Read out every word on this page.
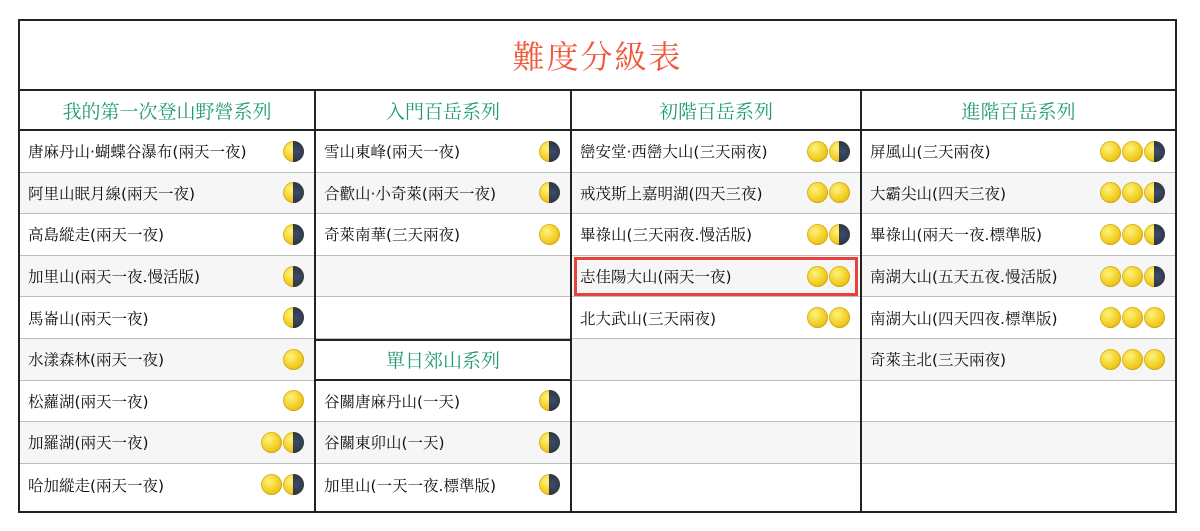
難度分級表
我的第一次登山野營系列
唐麻丹山·蝴蝶谷瀑布(兩天一夜)
阿里山眠月線(兩天一夜)
高島縱走(兩天一夜)
加里山(兩天一夜.慢活版)
馬崙山(兩天一夜)
水漾森林(兩天一夜)
松蘿湖(兩天一夜)
加羅湖(兩天一夜)
哈加縱走(兩天一夜)
入門百岳系列
雪山東峰(兩天一夜)
合歡山·小奇萊(兩天一夜)
奇萊南華(三天兩夜)
單日郊山系列
谷關唐麻丹山(一天)
谷關東卯山(一天)
加里山(一天一夜.標準版)
初階百岳系列
巒安堂·西巒大山(三天兩夜)
戒茂斯上嘉明湖(四天三夜)
畢祿山(三天兩夜.慢活版)
志佳陽大山(兩天一夜)
北大武山(三天兩夜)
進階百岳系列
屏風山(三天兩夜)
大霸尖山(四天三夜)
畢祿山(兩天一夜.標準版)
南湖大山(五天五夜.慢活版)
南湖大山(四天四夜.標準版)
奇萊主北(三天兩夜)
